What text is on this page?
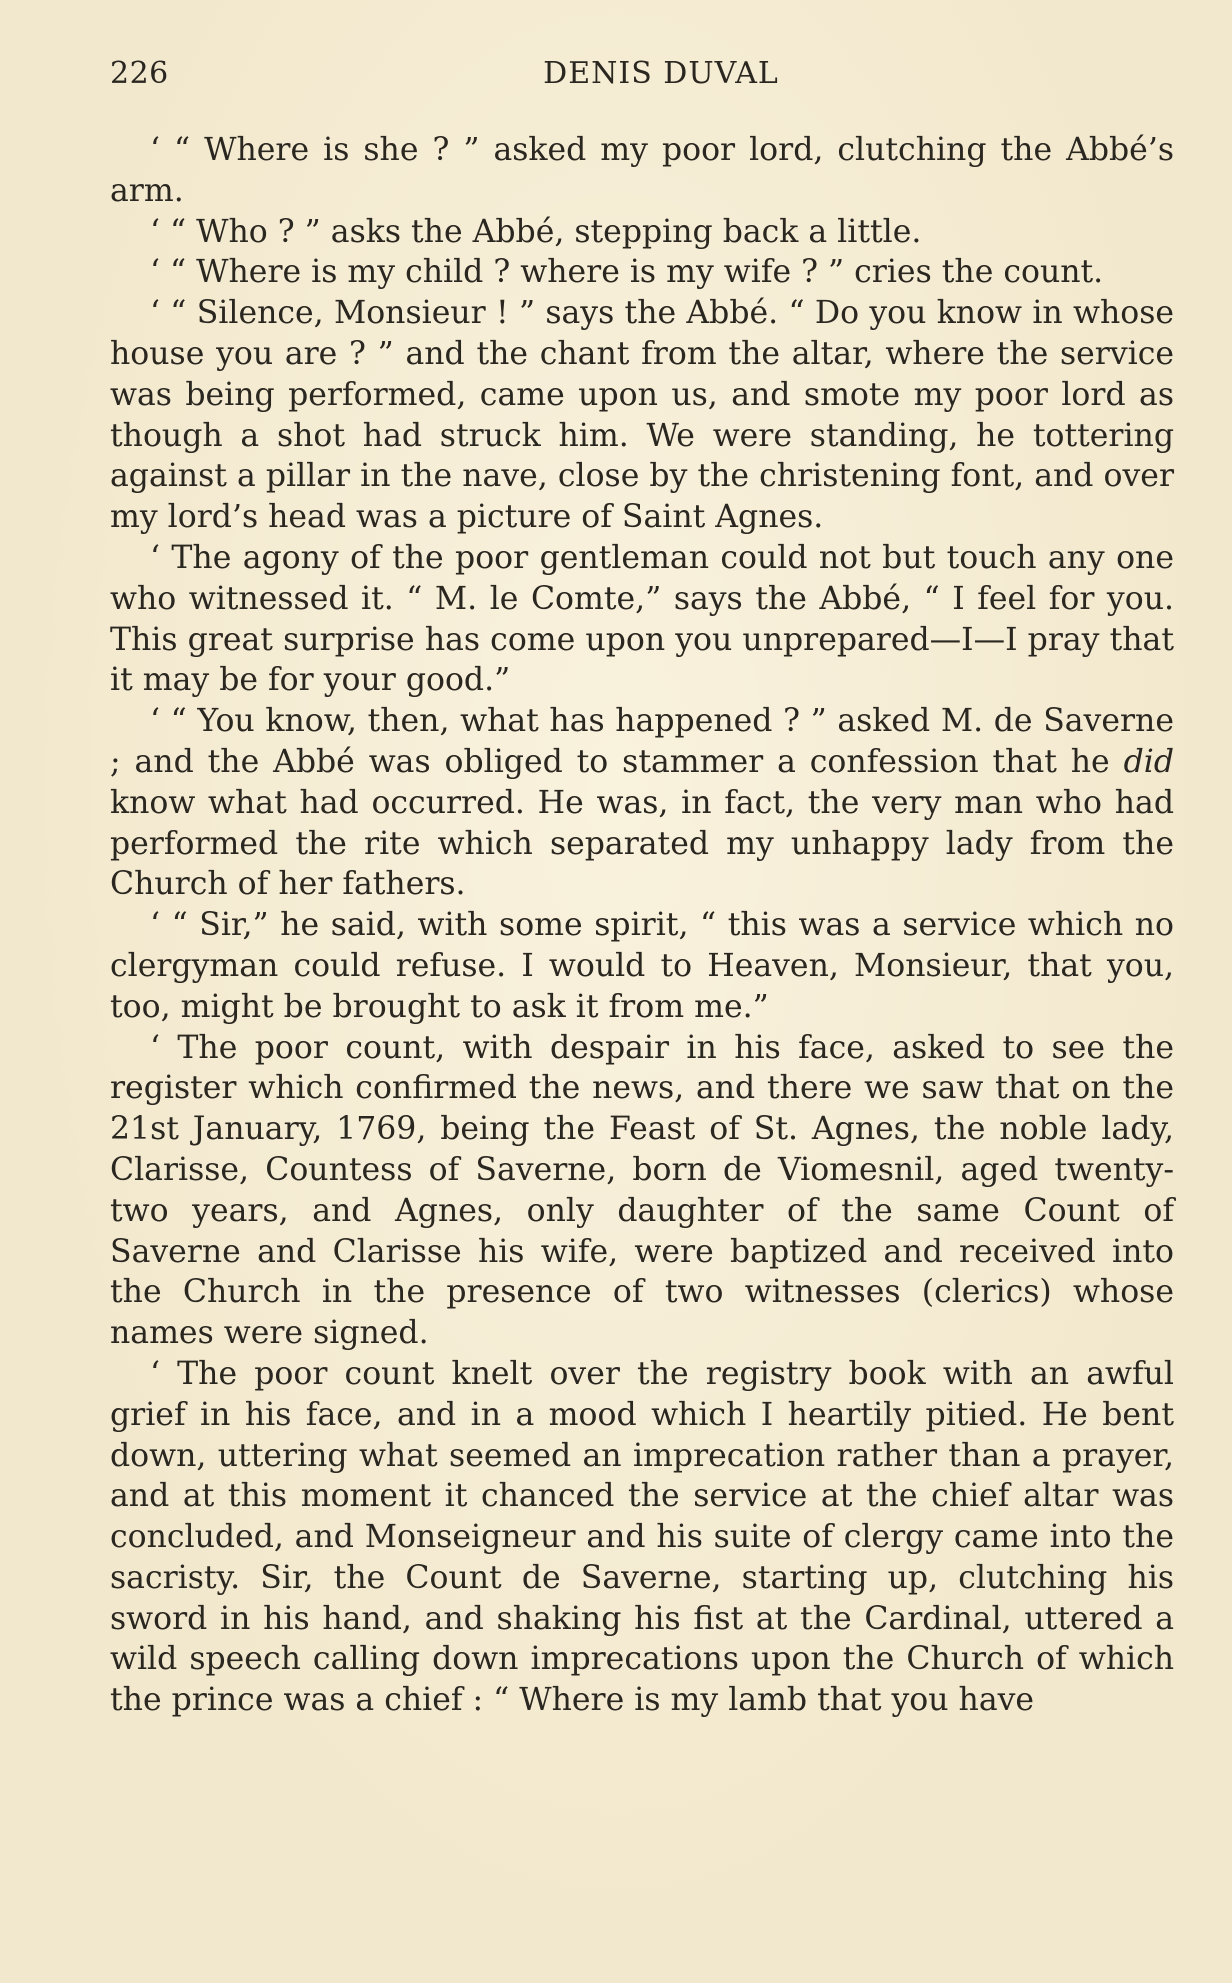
226	DENIS DUVAL

‘ “ Where is she ? ” asked my poor lord, clutching the Abbé’s arm.

‘ “ Who ? ” asks the Abbé, stepping back a little.

‘ “ Where is my child ? where is my wife ? ” cries the count.

‘ “ Silence, Monsieur ! ” says the Abbé. “ Do you know in whose house you are ? ” and the chant from the altar, where the service was being performed, came upon us, and smote my poor lord as though a shot had struck him. We were standing, he tottering against a pillar in the nave, close by the christening font, and over my lord’s head was a picture of Saint Agnes.

‘ The agony of the poor gentleman could not but touch any one who witnessed it. “ M. le Comte,” says the Abbé, “ I feel for you. This great surprise has come upon you unprepared—I—I pray that it may be for your good.”

‘ “ You know, then, what has happened ? ” asked M. de Saverne ; and the Abbé was obliged to stammer a confession that he did know what had occurred. He was, in fact, the very man who had performed the rite which separated my unhappy lady from the Church of her fathers.

‘ “ Sir,” he said, with some spirit, “ this was a service which no clergyman could refuse. I would to Heaven, Monsieur, that you, too, might be brought to ask it from me.”

‘ The poor count, with despair in his face, asked to see the register which confirmed the news, and there we saw that on the 21st January, 1769, being the Feast of St. Agnes, the noble lady, Clarisse, Countess of Saverne, born de Viomesnil, aged twenty-two years, and Agnes, only daughter of the same Count of Saverne and Clarisse his wife, were baptized and received into the Church in the presence of two witnesses (clerics) whose names were signed.

‘ The poor count knelt over the registry book with an awful grief in his face, and in a mood which I heartily pitied. He bent down, uttering what seemed an imprecation rather than a prayer, and at this moment it chanced the service at the chief altar was concluded, and Monseigneur and his suite of clergy came into the sacristy. Sir, the Count de Saverne, starting up, clutching his sword in his hand, and shaking his fist at the Cardinal, uttered a wild speech calling down imprecations upon the Church of which the prince was a chief : “ Where is my lamb that you have
